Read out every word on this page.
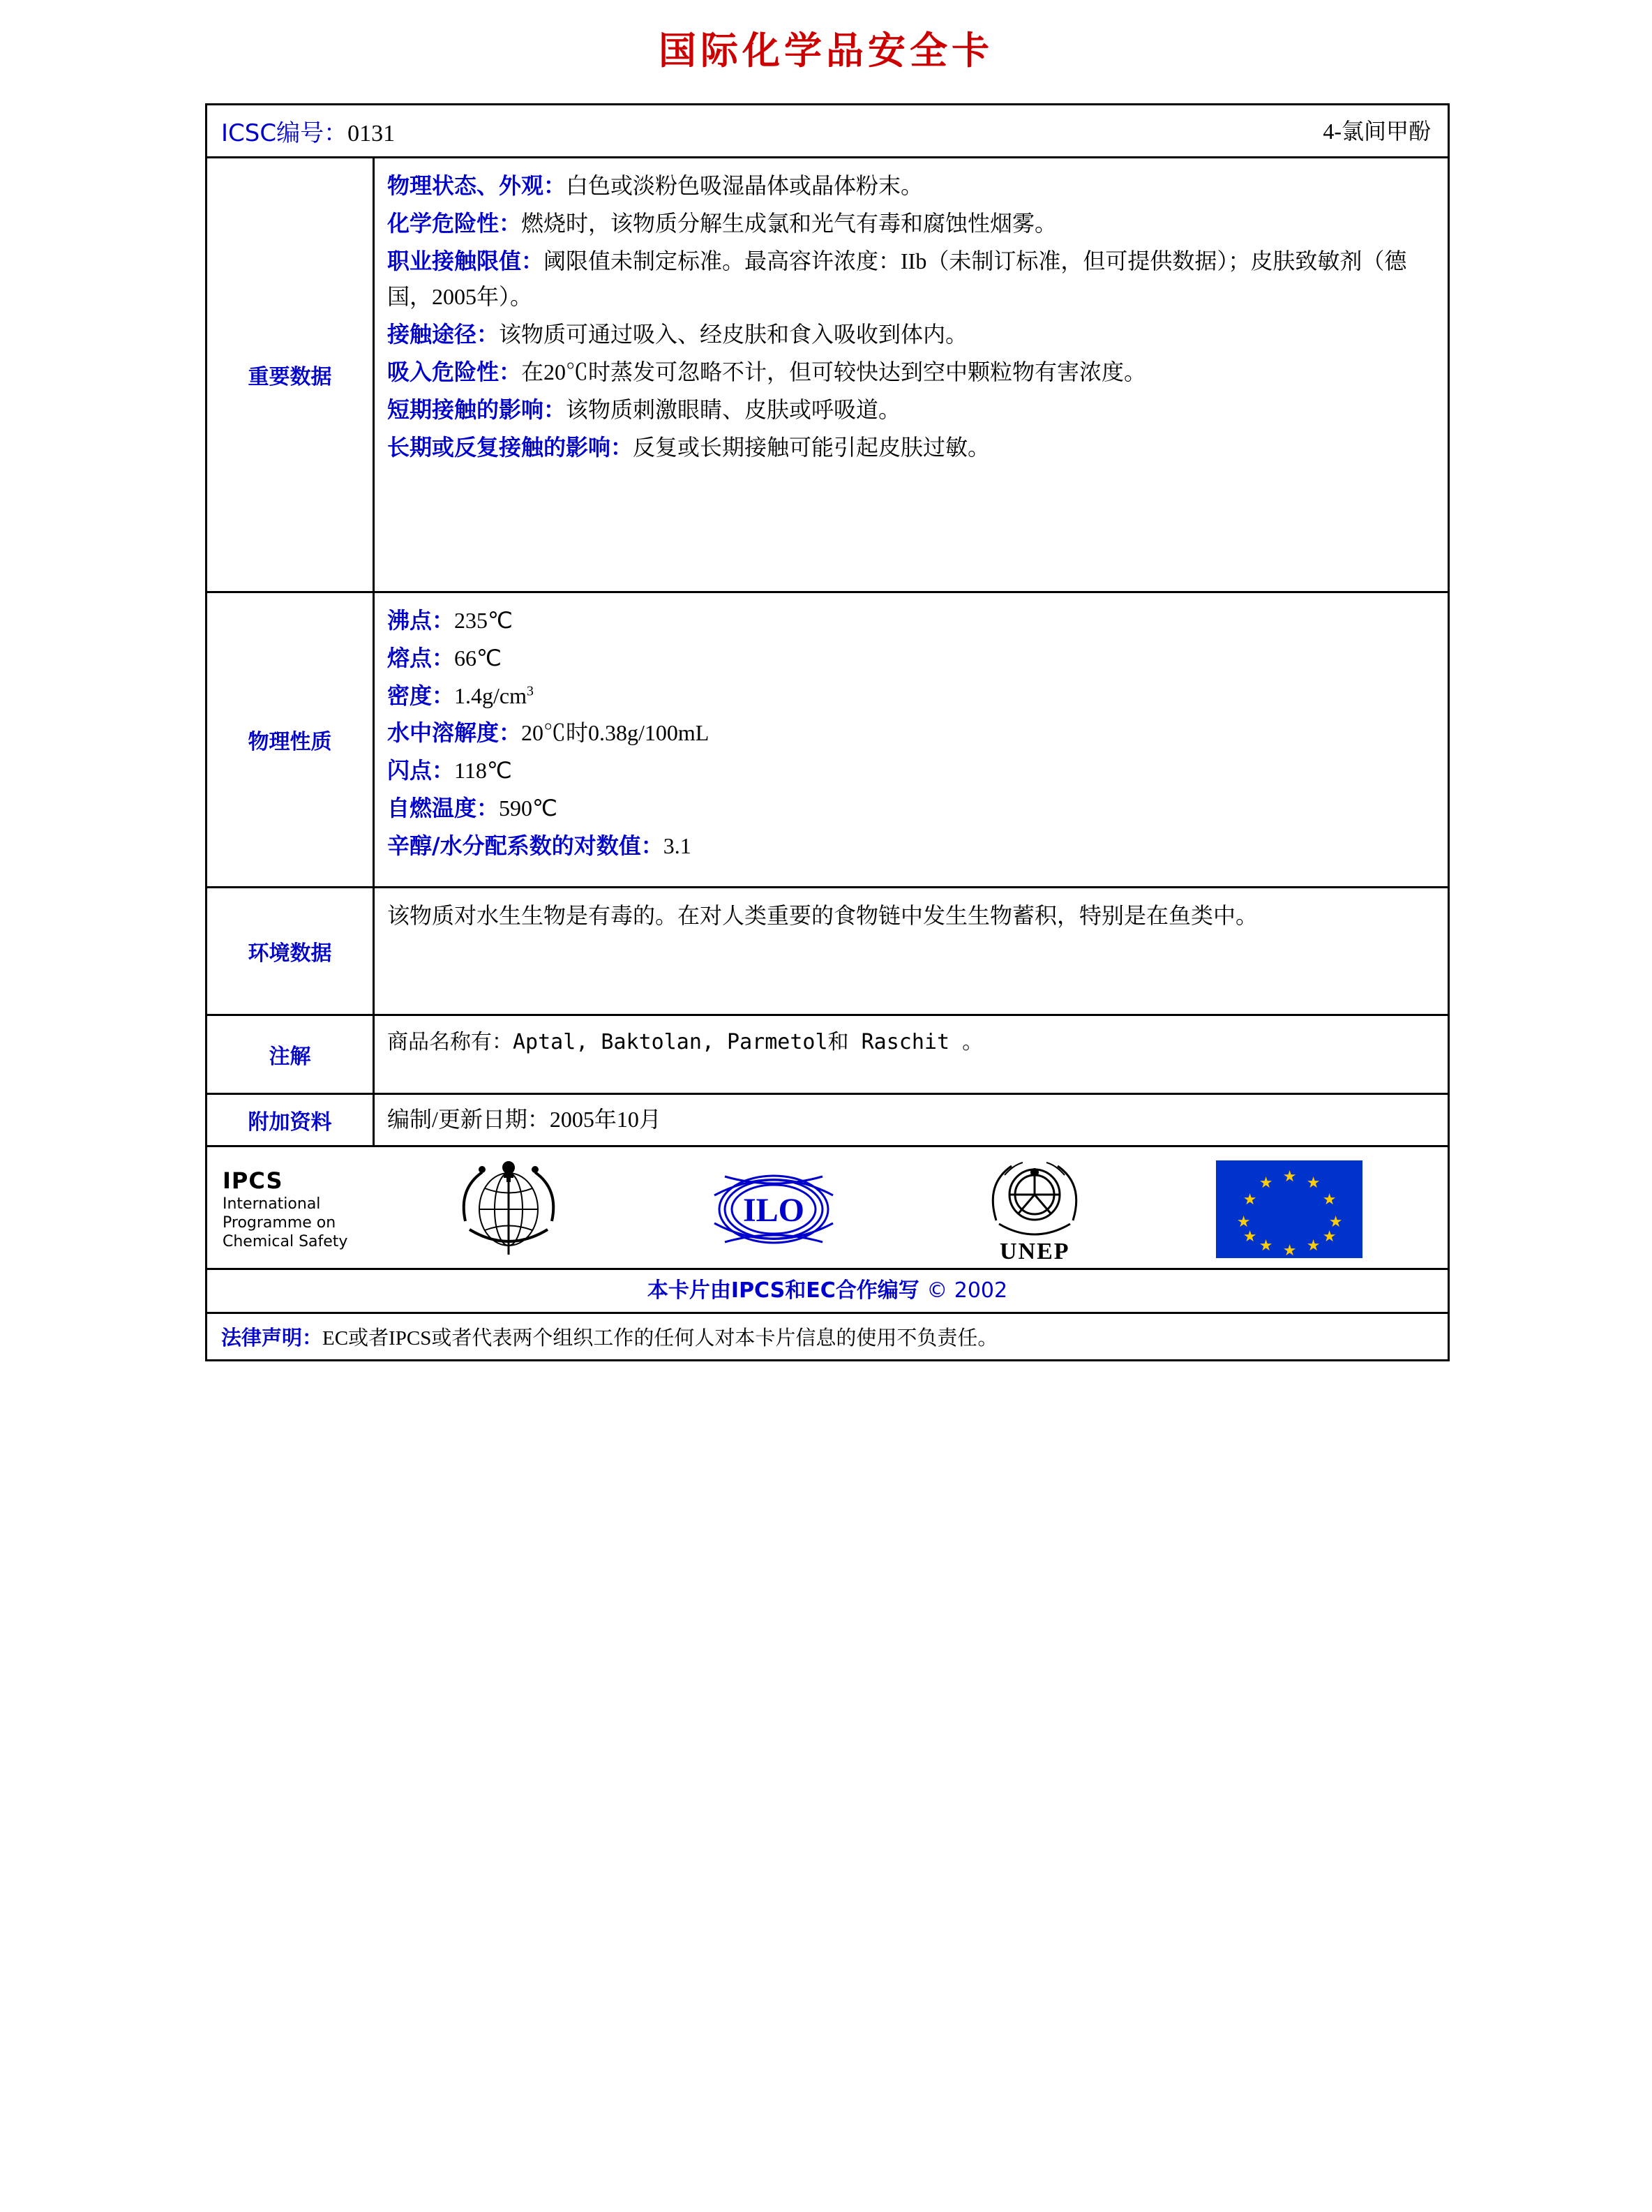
国际化学品安全卡
ICSC编号：0131	4-氯间甲酚
重要数据
物理状态、外观：白色或淡粉色吸湿晶体或晶体粉末。
化学危险性：燃烧时，该物质分解生成氯和光气有毒和腐蚀性烟雾。
职业接触限值：阈限值未制定标准。最高容许浓度：IIb（未制订标准，但可提供数据）；皮肤致敏剂（德国，2005年）。
接触途径：该物质可通过吸入、经皮肤和食入吸收到体内。
吸入危险性：在20℃时蒸发可忽略不计，但可较快达到空中颗粒物有害浓度。
短期接触的影响：该物质刺激眼睛、皮肤或呼吸道。
长期或反复接触的影响：反复或长期接触可能引起皮肤过敏。
物理性质
沸点：235℃
熔点：66℃
密度：$1.4g/cm^3$
水中溶解度：20℃时0.38g/100mL
闪点：118℃
自燃温度：590℃
辛醇/水分配系数的对数值：3.1
环境数据
该物质对水生生物是有毒的。在对人类重要的食物链中发生生物蓄积，特别是在鱼类中。
注解
商品名称有：Aptal, Baktolan, Parmetol和 Raschit 。
附加资料	编制/更新日期：2005年10月
IPCS
International
Programme on
Chemical Safety
ILO
UNEP
★ ★
★
★
★
★
★
★
★
★
★
★
本卡片由IPCS和EC合作编写 © 2002
法律声明：EC或者IPCS或者代表两个组织工作的任何人对本卡片信息的使用不负责任。
